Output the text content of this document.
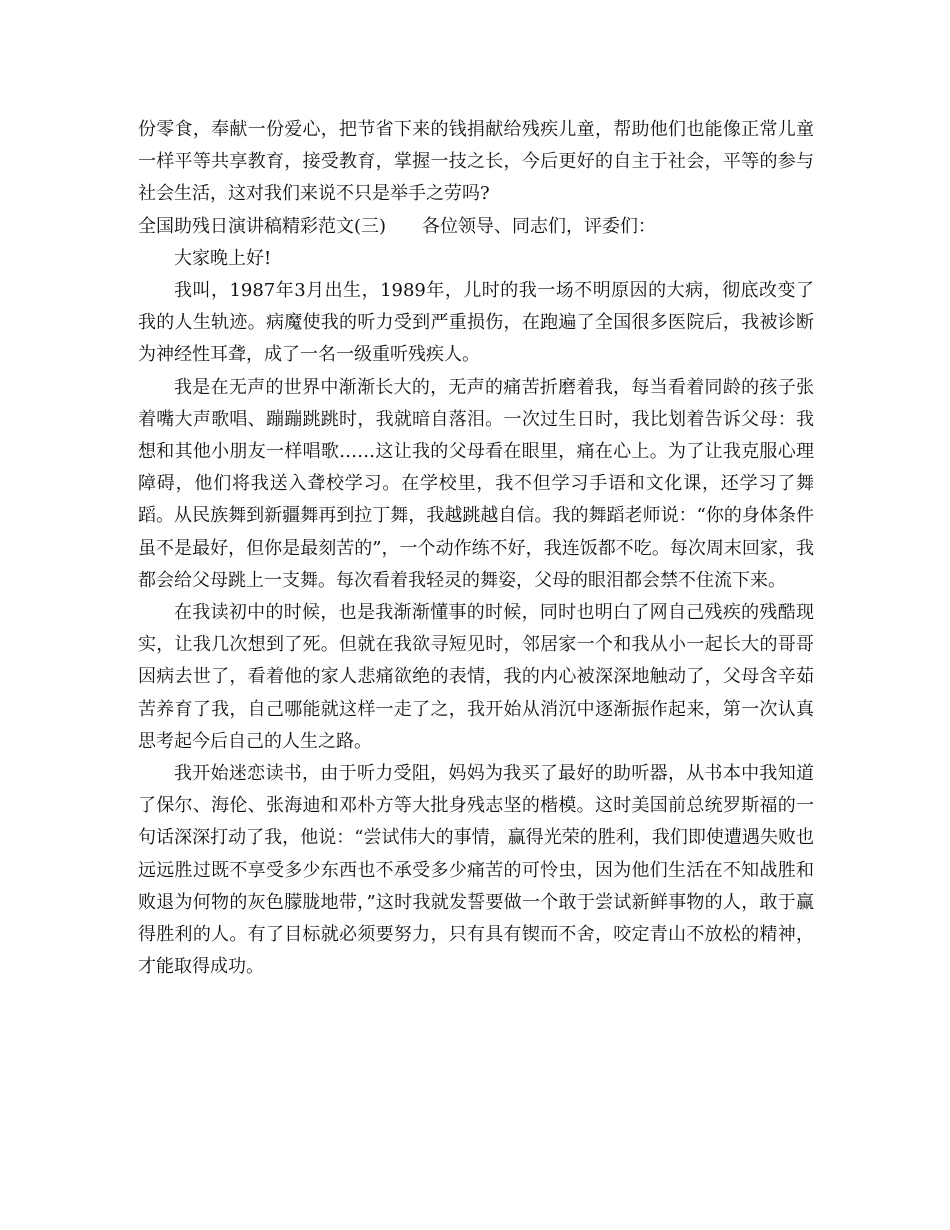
份零食，奉献一份爱心，把节省下来的钱捐献给残疾儿童，帮助他们也能像正常儿童一样平等共享教育，接受教育，掌握一技之长，今后更好的自主于社会，平等的参与社会生活，这对我们来说不只是举手之劳吗?

全国助残日演讲稿精彩范文(三) 各位领导、同志们，评委们：

大家晚上好!

我叫，1987年3月出生，1989年，儿时的我一场不明原因的大病，彻底改变了我的人生轨迹。病魔使我的听力受到严重损伤，在跑遍了全国很多医院后，我被诊断为神经性耳聋，成了一名一级重听残疾人。

我是在无声的世界中渐渐长大的，无声的痛苦折磨着我，每当看着同龄的孩子张着嘴大声歌唱、蹦蹦跳跳时，我就暗自落泪。一次过生日时，我比划着告诉父母：我想和其他小朋友一样唱歌……这让我的父母看在眼里，痛在心上。为了让我克服心理障碍，他们将我送入聋校学习。在学校里，我不但学习手语和文化课，还学习了舞蹈。从民族舞到新疆舞再到拉丁舞，我越跳越自信。我的舞蹈老师说：“你的身体条件虽不是最好，但你是最刻苦的”，一个动作练不好，我连饭都不吃。每次周末回家，我都会给父母跳上一支舞。每次看着我轻灵的舞姿，父母的眼泪都会禁不住流下来。

在我读初中的时候，也是我渐渐懂事的时候，同时也明白了网自己残疾的残酷现实，让我几次想到了死。但就在我欲寻短见时，邻居家一个和我从小一起长大的哥哥因病去世了，看着他的家人悲痛欲绝的表情，我的内心被深深地触动了，父母含辛茹苦养育了我，自己哪能就这样一走了之，我开始从消沉中逐渐振作起来，第一次认真思考起今后自己的人生之路。

我开始迷恋读书，由于听力受阻，妈妈为我买了最好的助听器，从书本中我知道了保尔、海伦、张海迪和邓朴方等大批身残志坚的楷模。这时美国前总统罗斯福的一句话深深打动了我，他说：“尝试伟大的事情，赢得光荣的胜利，我们即使遭遇失败也远远胜过既不享受多少东西也不承受多少痛苦的可怜虫，因为他们生活在不知战胜和败退为何物的灰色朦胧地带，”这时我就发誓要做一个敢于尝试新鲜事物的人，敢于赢得胜利的人。有了目标就必须要努力，只有具有锲而不舍，咬定青山不放松的精神，才能取得成功。
